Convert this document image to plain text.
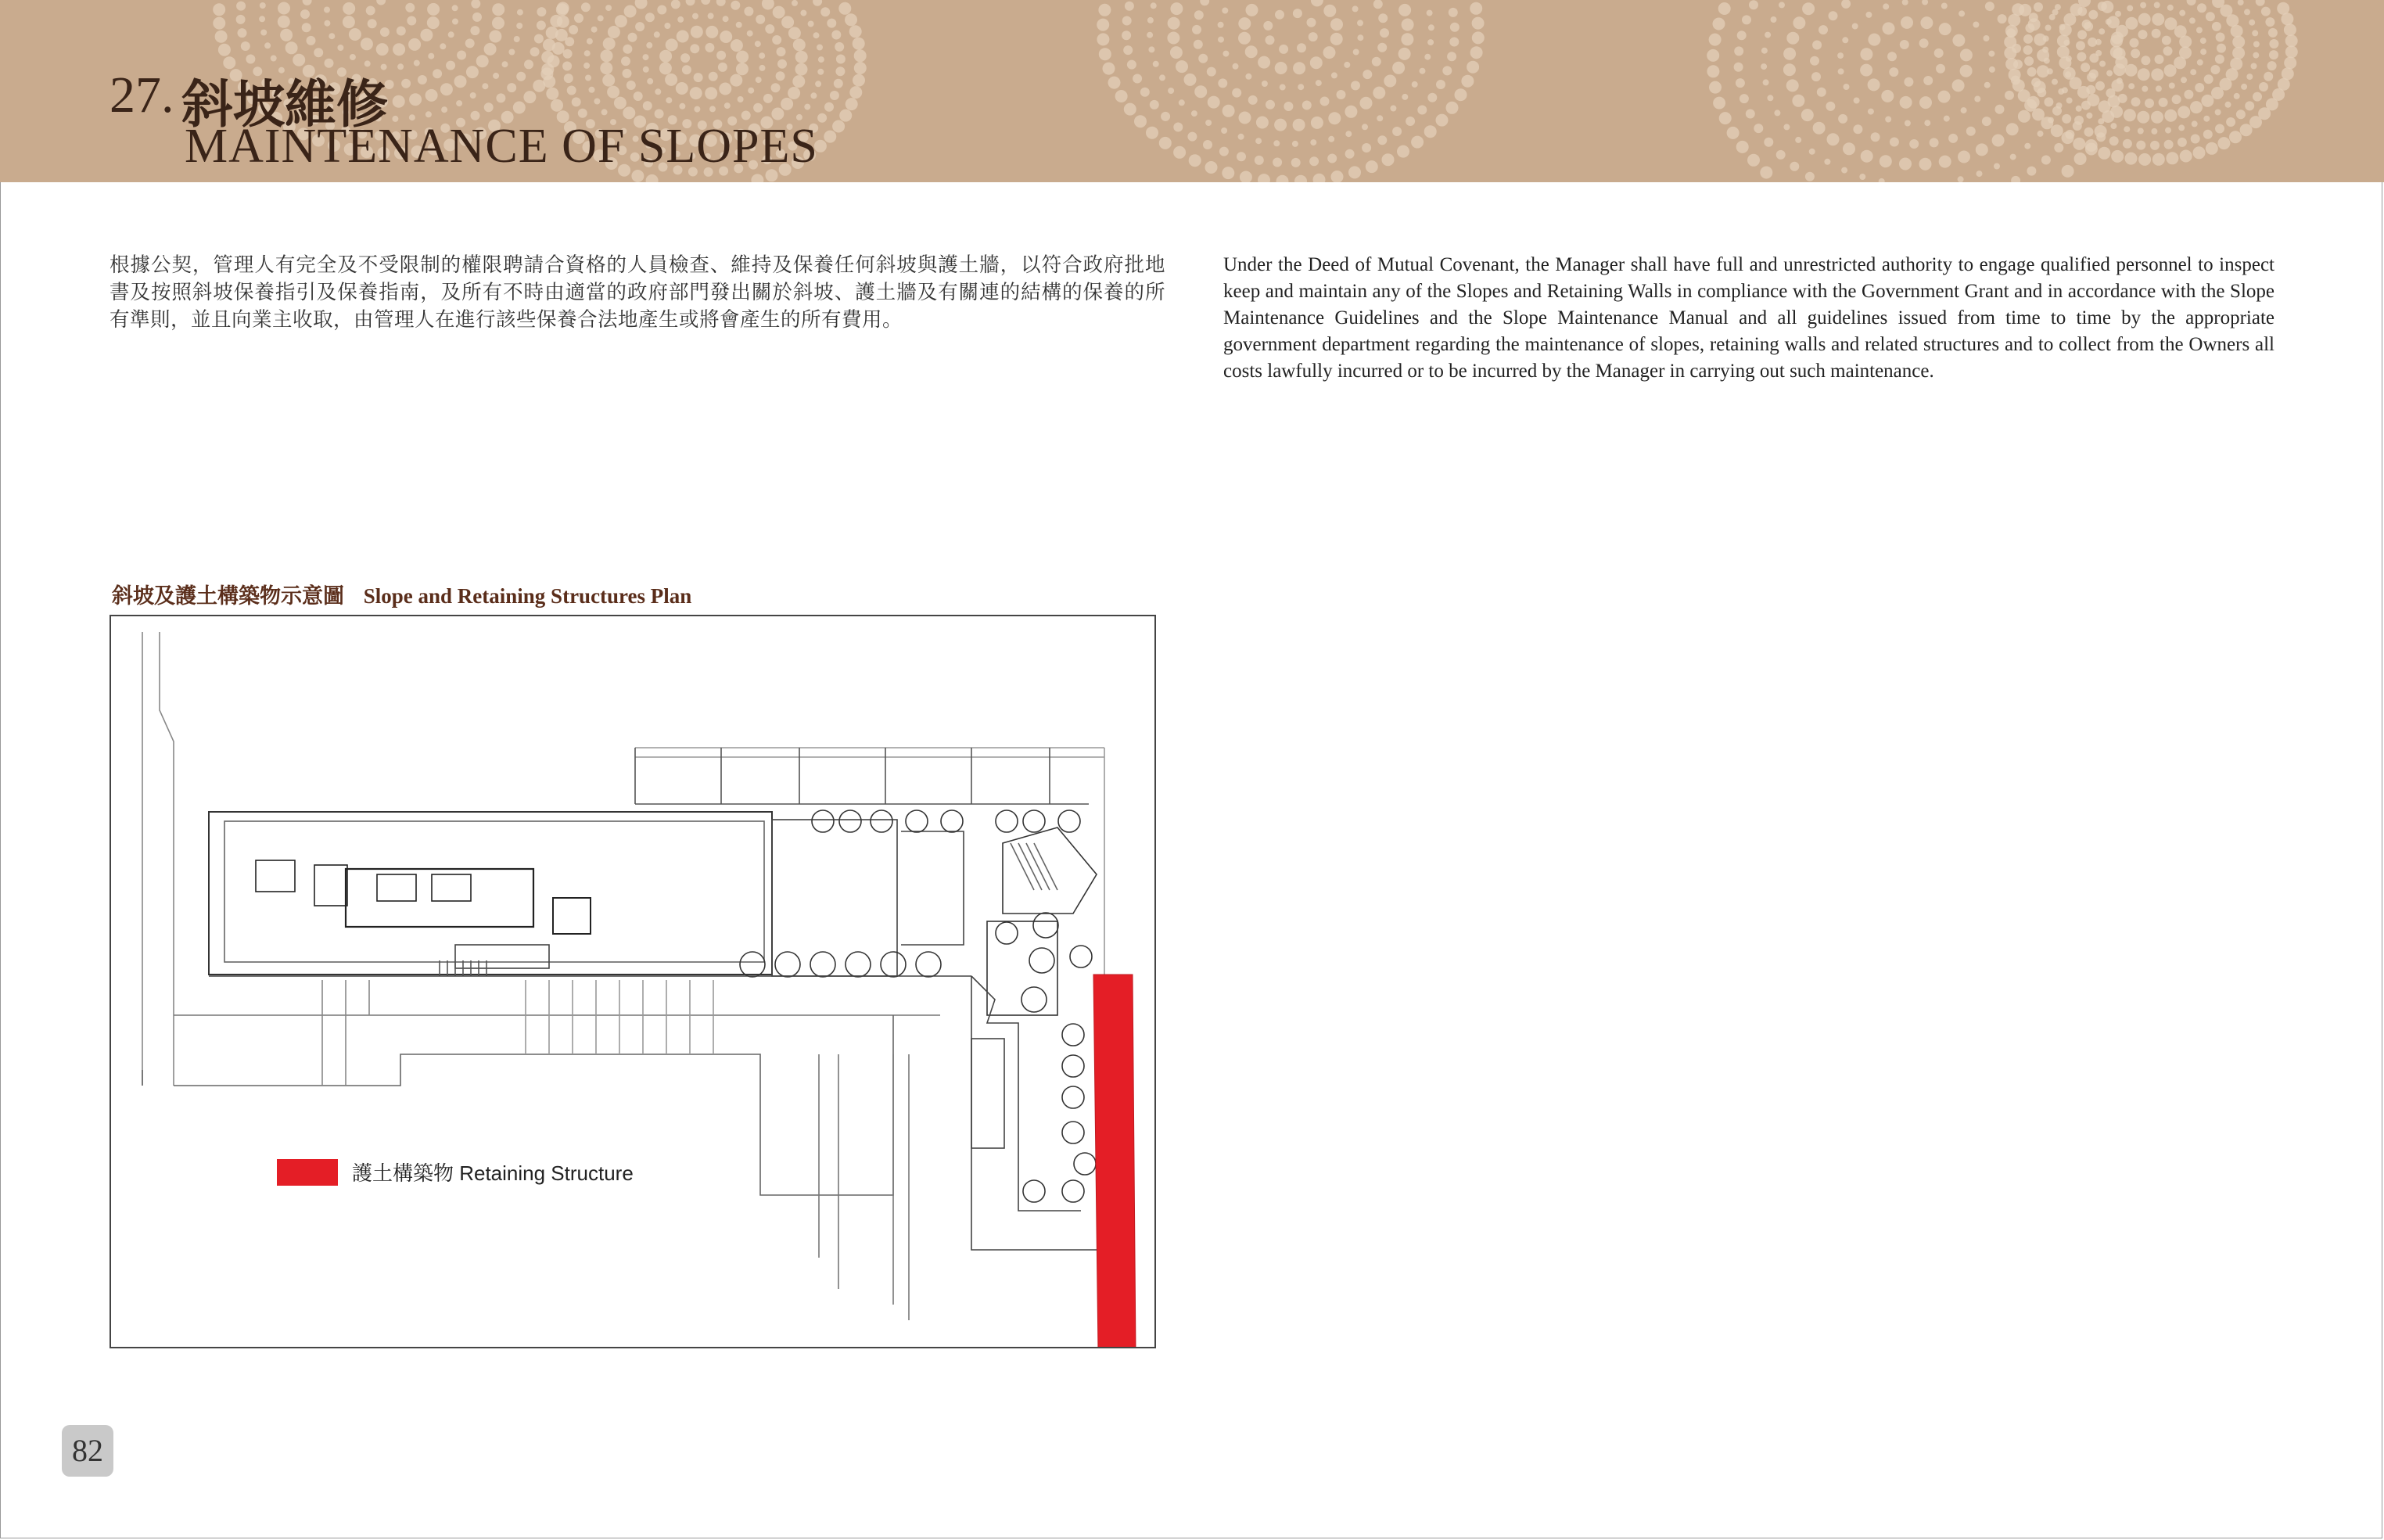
27. 斜坡維修
MAINTENANCE OF SLOPES
根據公契，管理人有完全及不受限制的權限聘請合資格的人員檢查、維持及保養任何斜坡與護土牆，以符合政府批地書及按照斜坡保養指引及保養指南，及所有不時由適當的政府部門發出關於斜坡、護土牆及有關連的結構的保養的所有準則，並且向業主收取，由管理人在進行該些保養合法地產生或將會產生的所有費用。
Under the Deed of Mutual Covenant, the Manager shall have full and unrestricted authority to engage qualified personnel to inspect keep and maintain any of the Slopes and Retaining Walls in compliance with the Government Grant and in accordance with the Slope Maintenance Guidelines and the Slope Maintenance Manual and all guidelines issued from time to time by the appropriate government department regarding the maintenance of slopes, retaining walls and related structures and to collect from the Owners all costs lawfully incurred or to be incurred by the Manager in carrying out such maintenance.
斜坡及護土構築物示意圖 Slope and Retaining Structures Plan
護土構築物 Retaining Structure
82
